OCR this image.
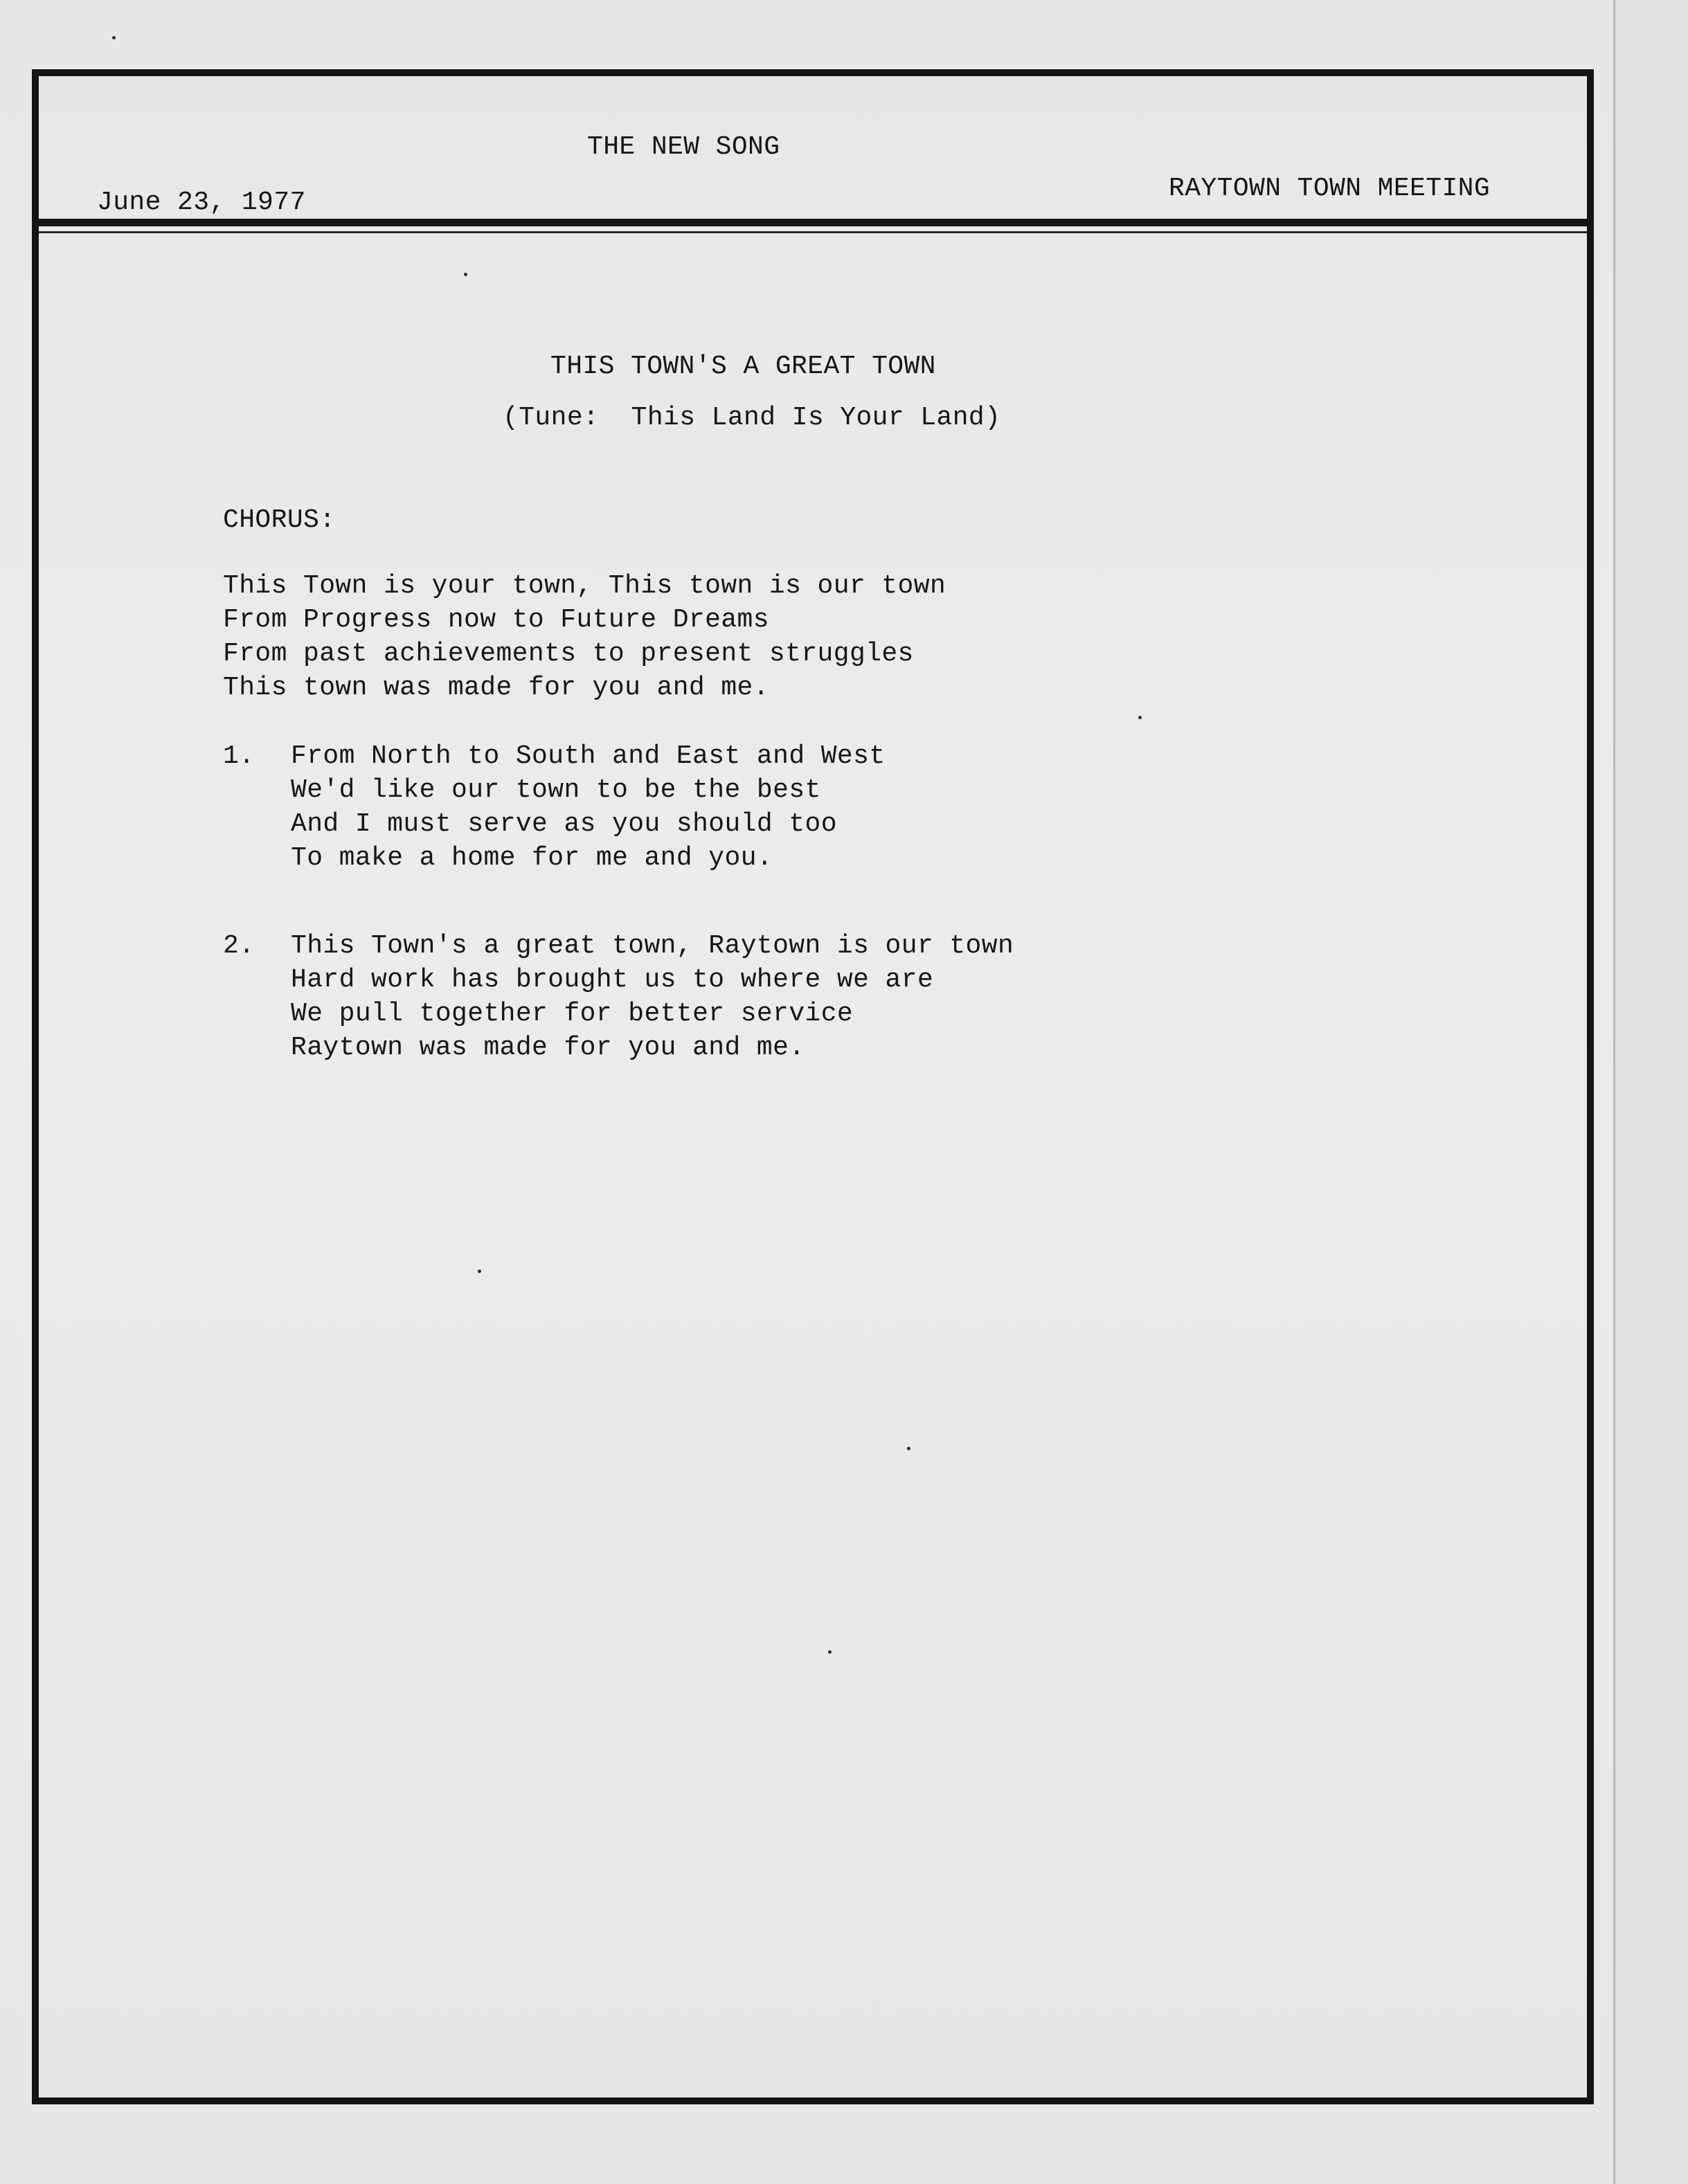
THE NEW SONG
June 23, 1977	RAYTOWN TOWN MEETING
THIS TOWN'S A GREAT TOWN
(Tune:  This Land Is Your Land)
CHORUS:
This Town is your town, This town is our town
From Progress now to Future Dreams
From past achievements to present struggles
This town was made for you and me.
1. From North to South and East and West
We'd like our town to be the best
And I must serve as you should too
To make a home for me and you.
2. This Town's a great town, Raytown is our town
Hard work has brought us to where we are
We pull together for better service
Raytown was made for you and me.
